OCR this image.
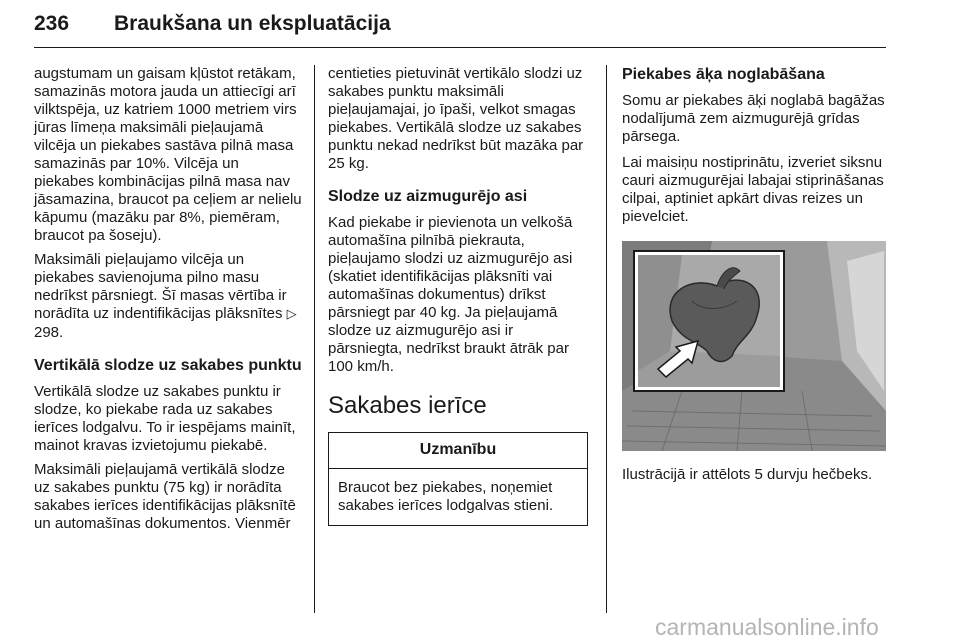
236 Braukšana un ekspluatācija

augstumam un gaisam kļūstot retākam, samazinās motora jauda un attiecīgi arī vilktspēja, uz katriem 1000 metriem virs jūras līmeņa maksimāli pieļaujamā vilcēja un piekabes sastāva pilnā masa samazinās par 10%. Vilcēja un piekabes kombinācijas pilnā masa nav jāsamazina, braucot pa ceļiem ar nelielu kāpumu (mazāku par 8%, piemēram, braucot pa šoseju).

Maksimāli pieļaujamo vilcēja un piekabes savienojuma pilno masu nedrīkst pārsniegt. Šī masas vērtība ir norādīta uz indentifikācijas plāksnītes ▷ 298.

Vertikālā slodze uz sakabes punktu

Vertikālā slodze uz sakabes punktu ir slodze, ko piekabe rada uz sakabes ierīces lodgalvu. To ir iespējams mainīt, mainot kravas izvietojumu piekabē.

Maksimāli pieļaujamā vertikālā slodze uz sakabes punktu (75 kg) ir norādīta sakabes ierīces identifikācijas plāksnītē un automašīnas dokumentos. Vienmēr

centieties pietuvināt vertikālo slodzi uz sakabes punktu maksimāli pieļaujamajai, jo īpaši, velkot smagas piekabes. Vertikālā slodze uz sakabes punktu nekad nedrīkst būt mazāka par 25 kg.

Slodze uz aizmugurējo asi

Kad piekabe ir pievienota un velkošā automašīna pilnībā piekrauta, pieļaujamo slodzi uz aizmugurējo asi (skatiet identifikācijas plāksnīti vai automašīnas dokumentus) drīkst pārsniegt par 40 kg. Ja pieļaujamā slodze uz aizmugurējo asi ir pārsniegta, nedrīkst braukt ātrāk par 100 km/h.

Sakabes ierīce
Uzmanību
Braucot bez piekabes, noņemiet sakabes ierīces lodgalvas stieni.
Piekabes āķa noglabāšana

Somu ar piekabes āķi noglabā bagāžas nodalījumā zem aizmugurējā grīdas pārsega.

Lai maisiņu nostiprinātu, izveriet siksnu cauri aizmugurējai labajai stiprināšanas cilpai, aptiniet apkārt divas reizes un pievelciet.

Ilustrācijā ir attēlots 5 durvju hečbeks.

carmanualsonline.info
